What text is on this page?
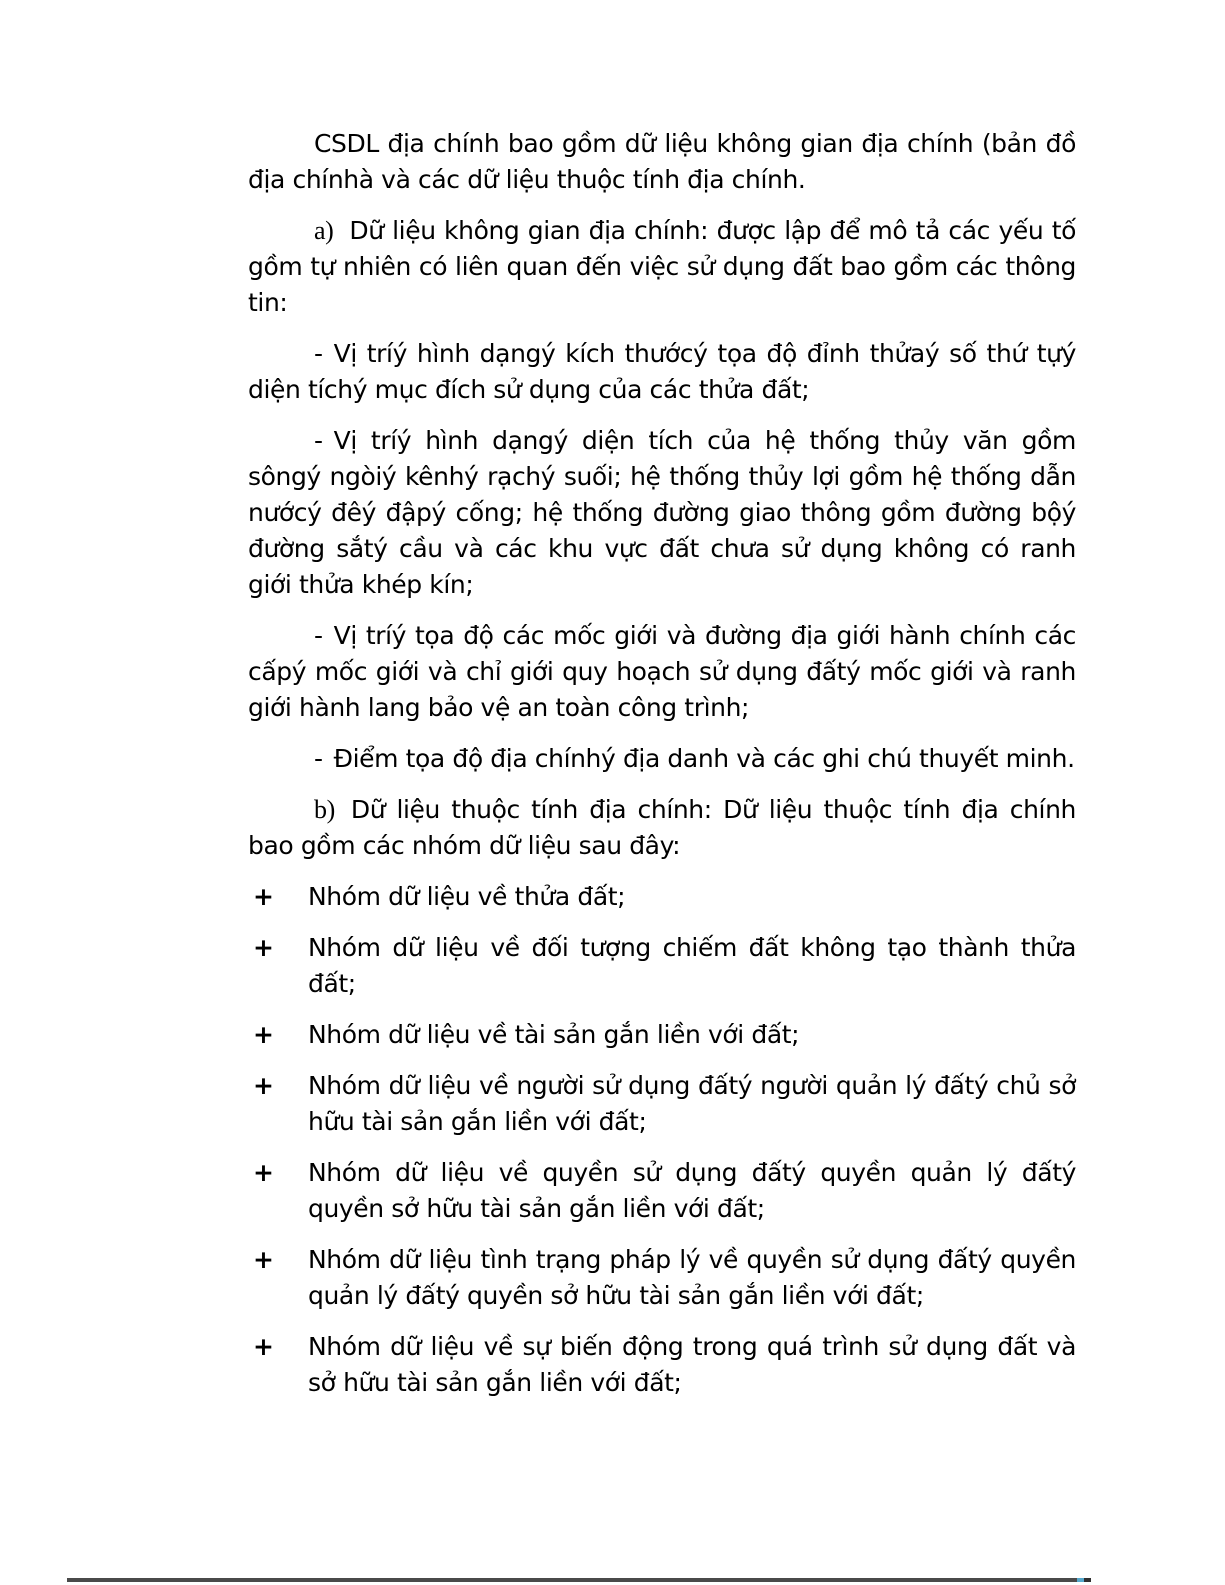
CSDL địa chính bao gồm dữ liệu không gian địa chính (bản đồ địa chínhà và các dữ liệu thuộc tính địa chính.

a) Dữ liệu không gian địa chính: được lập để mô tả các yếu tố gồm tự nhiên có liên quan đến việc sử dụng đất bao gồm các thông tin:

- Vị tríý hình dạngý kích thướcý tọa độ đỉnh thửaý số thứ tựý diện tíchý mục đích sử dụng của các thửa đất;

- Vị tríý hình dạngý diện tích của hệ thống thủy văn gồm sôngý ngòiý kênhý rạchý suối; hệ thống thủy lợi gồm hệ thống dẫn nướcý đêý đậpý cống; hệ thống đường giao thông gồm đường bộý đường sắtý cầu và các khu vực đất chưa sử dụng không có ranh giới thửa khép kín;

- Vị tríý tọa độ các mốc giới và đường địa giới hành chính các cấpý mốc giới và chỉ giới quy hoạch sử dụng đấtý mốc giới và ranh giới hành lang bảo vệ an toàn công trình;

- Điểm tọa độ địa chínhý địa danh và các ghi chú thuyết minh.

b) Dữ liệu thuộc tính địa chính: Dữ liệu thuộc tính địa chính bao gồm các nhóm dữ liệu sau đây:

+	Nhóm dữ liệu về thửa đất;
+	Nhóm dữ liệu về đối tượng chiếm đất không tạo thành thửa đất;
+	Nhóm dữ liệu về tài sản gắn liền với đất;
+	Nhóm dữ liệu về người sử dụng đấtý người quản lý đấtý chủ sở hữu tài sản gắn liền với đất;
+	Nhóm dữ liệu về quyền sử dụng đấtý quyền quản lý đấtý quyền sở hữu tài sản gắn liền với đất;
+	Nhóm dữ liệu tình trạng pháp lý về quyền sử dụng đấtý quyền quản lý đấtý quyền sở hữu tài sản gắn liền với đất;
+	Nhóm dữ liệu về sự biến động trong quá trình sử dụng đất và sở hữu tài sản gắn liền với đất;
